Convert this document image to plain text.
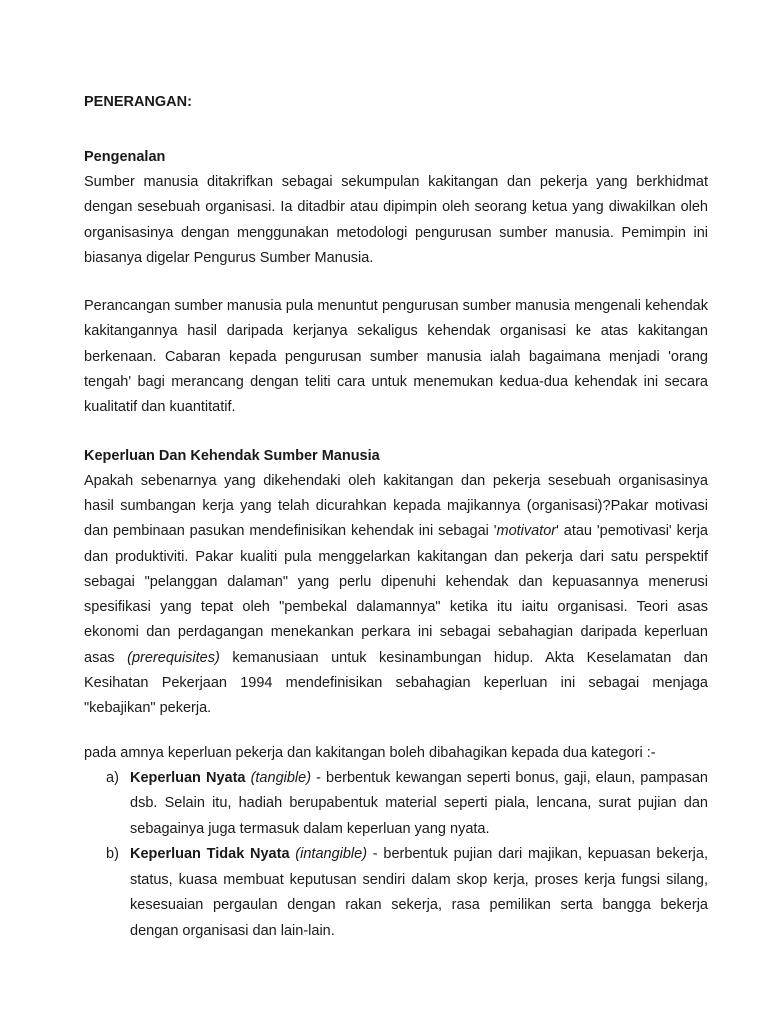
PENERANGAN:

Pengenalan

Sumber manusia ditakrifkan sebagai sekumpulan kakitangan dan pekerja yang berkhidmat dengan sesebuah organisasi. Ia ditadbir atau dipimpin oleh seorang ketua yang diwakilkan oleh organisasinya dengan menggunakan metodologi pengurusan sumber manusia. Pemimpin ini biasanya digelar Pengurus Sumber Manusia.

Perancangan sumber manusia pula menuntut pengurusan sumber manusia mengenali kehendak kakitangannya hasil daripada kerjanya sekaligus kehendak organisasi ke atas kakitangan berkenaan. Cabaran kepada pengurusan sumber manusia ialah bagaimana menjadi 'orang tengah' bagi merancang dengan teliti cara untuk menemukan kedua-dua kehendak ini secara kualitatif dan kuantitatif.

Keperluan Dan Kehendak Sumber Manusia

Apakah sebenarnya yang dikehendaki oleh kakitangan dan pekerja sesebuah organisasinya hasil sumbangan kerja yang telah dicurahkan kepada majikannya (organisasi)?Pakar motivasi dan pembinaan pasukan mendefinisikan kehendak ini sebagai 'motivator' atau 'pemotivasi' kerja dan produktiviti. Pakar kualiti pula menggelarkan kakitangan dan pekerja dari satu perspektif sebagai "pelanggan dalaman" yang perlu dipenuhi kehendak dan kepuasannya menerusi spesifikasi yang tepat oleh "pembekal dalamannya" ketika itu iaitu organisasi. Teori asas ekonomi dan perdagangan menekankan perkara ini sebagai sebahagian daripada keperluan asas (prerequisites) kemanusiaan untuk kesinambungan hidup. Akta Keselamatan dan Kesihatan Pekerjaan 1994 mendefinisikan sebahagian keperluan ini sebagai menjaga "kebajikan" pekerja.

pada amnya keperluan pekerja dan kakitangan boleh dibahagikan kepada dua kategori :-

a) Keperluan Nyata (tangible) - berbentuk kewangan seperti bonus, gaji, elaun, pampasan dsb. Selain itu, hadiah berupabentuk material seperti piala, lencana, surat pujian dan sebagainya juga termasuk dalam keperluan yang nyata.
b) Keperluan Tidak Nyata (intangible) - berbentuk pujian dari majikan, kepuasan bekerja, status, kuasa membuat keputusan sendiri dalam skop kerja, proses kerja fungsi silang, kesesuaian pergaulan dengan rakan sekerja, rasa pemilikan serta bangga bekerja dengan organisasi dan lain-lain.
